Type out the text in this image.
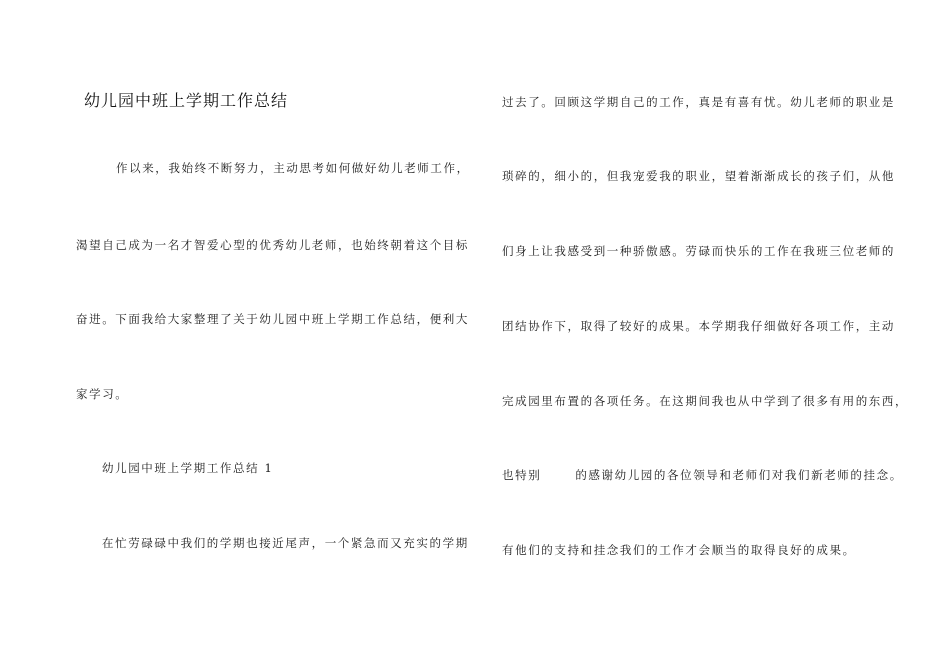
幼儿园中班上学期工作总结
作以来，我始终不断努力，主动思考如何做好幼儿老师工作，
渴望自己成为一名才智爱心型的优秀幼儿老师，也始终朝着这个目标
奋进。下面我给大家整理了关于幼儿园中班上学期工作总结，便利大
家学习。
幼儿园中班上学期工作总结 1
在忙劳碌碌中我们的学期也接近尾声，一个紧急而又充实的学期
过去了。回顾这学期自己的工作，真是有喜有忧。幼儿老师的职业是
琐碎的，细小的，但我宠爱我的职业，望着渐渐成长的孩子们，从他
们身上让我感受到一种骄傲感。劳碌而快乐的工作在我班三位老师的
团结协作下，取得了较好的成果。本学期我仔细做好各项工作，主动
完成园里布置的各项任务。在这期间我也从中学到了很多有用的东西，
也特别	的感谢幼儿园的各位领导和老师们对我们新老师的挂念。
有他们的支持和挂念我们的工作才会顺当的取得良好的成果。
